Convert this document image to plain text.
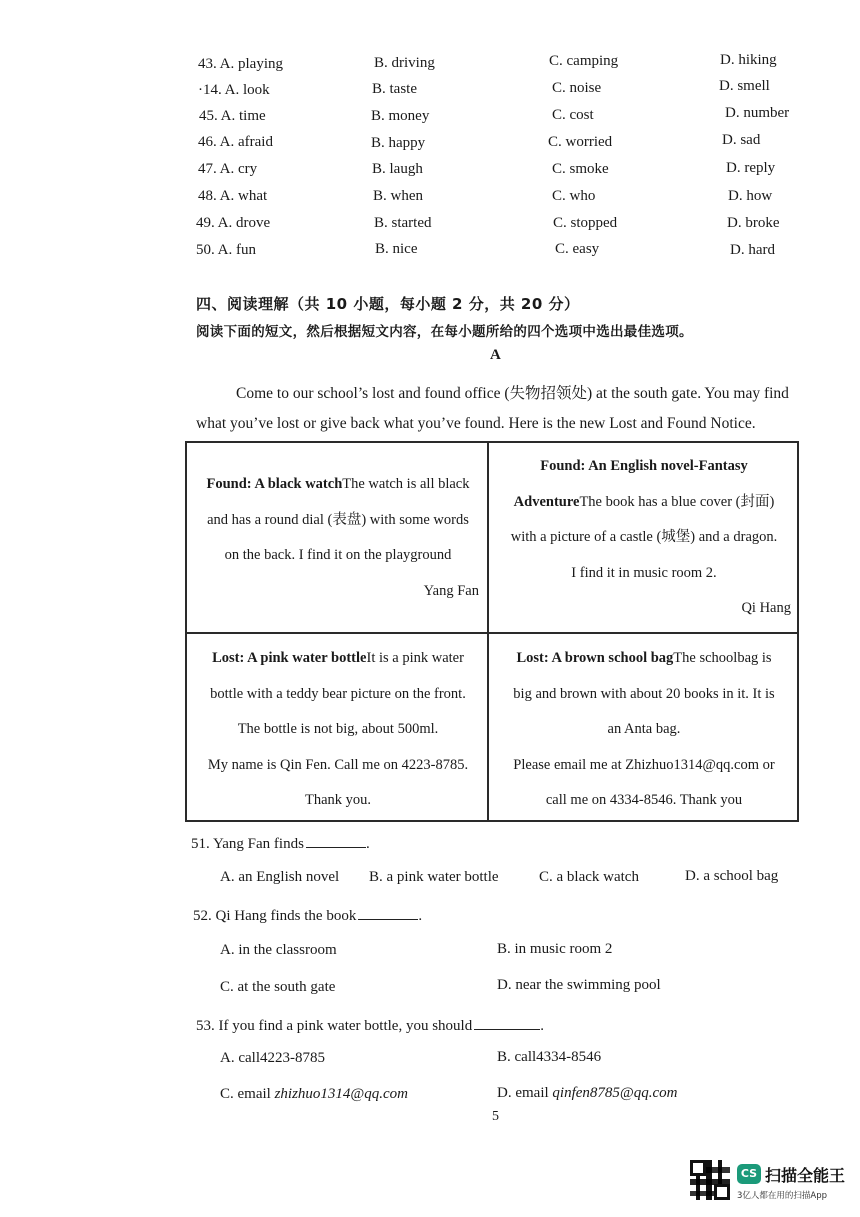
43. A. playing	B. driving	C. camping	D. hiking
·14. A. look	B. taste	C. noise	D. smell
45. A. time	B. money	C. cost	D. number
46. A. afraid	B. happy	C. worried	D. sad
47. A. cry	B. laugh	C. smoke	D. reply
48. A. what	B. when	C. who	D. how
49. A. drove	B. started	C. stopped	D. broke
50. A. fun	B. nice	C. easy	D. hard
四、阅读理解（共 10 小题，每小题 2 分，共 20 分）
阅读下面的短文，然后根据短文内容，在每小题所给的四个选项中选出最佳选项。
A
Come to our school’s lost and found office (失物招领处) at the south gate. You may find
what you’ve lost or give back what you’ve found. Here is the new Lost and Found Notice.
Found: A black watchThe watch is all black
and has a round dial (表盘) with some words
on the back. I find it on the playground
Yang Fan
Found: An English novel-Fantasy
AdventureThe book has a blue cover (封面)
with a picture of a castle (城堡) and a dragon.
I find it in music room 2.
Qi Hang
Lost: A pink water bottleIt is a pink water
bottle with a teddy bear picture on the front.
The bottle is not big, about 500ml.
My name is Qin Fen. Call me on 4223-8785.
Thank you.
Lost: A brown school bagThe schoolbag is
big and brown with about 20 books in it. It is
an Anta bag.
Please email me at Zhizhuo1314@qq.com or
call me on 4334-8546. Thank you
51. Yang Fan finds	.
A. an English novel B. a pink water bottle	C. a black watch	D. a school bag
52. Qi Hang finds the book	.
A. in the classroom	B. in music room 2
C. at the south gate	D. near the swimming pool
53. If you find a pink water bottle, you should	.
A. call4223-8785	B. call4334-8546
C. email zhizhuo1314@qq.com	D. email qinfen8785@qq.com
5
CS 扫描全能王
3亿人都在用的扫描App
